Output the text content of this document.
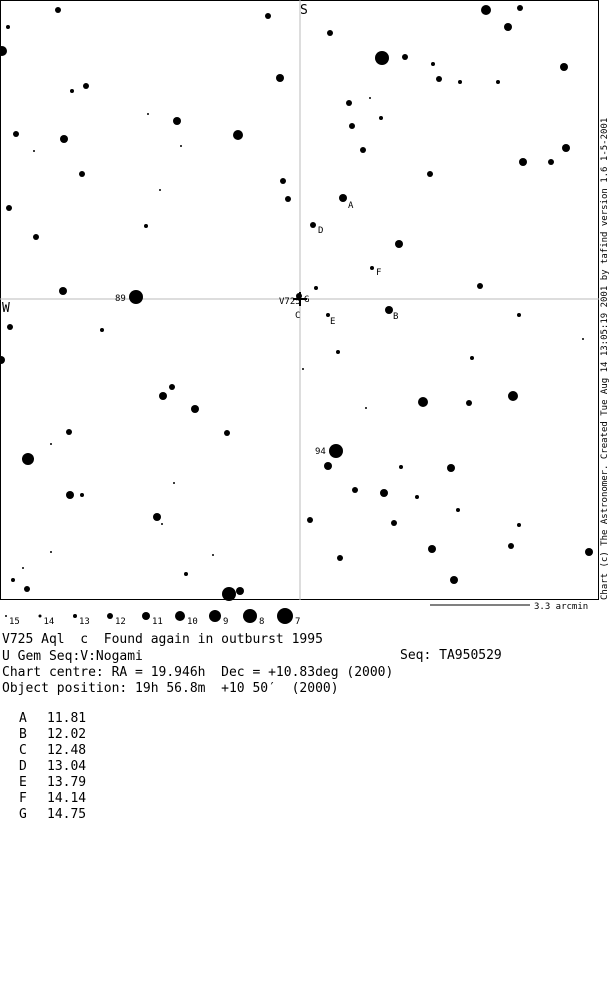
S
W
A
B
C
D
E
F
G
89
94
V725
15	14	13	12	11	10	9	8	7
3.3 arcmin
Chart (c) The Astronomer. Created Tue Aug 14 13:05:19 2001 by tafind version 1.6 1-5-2001
V725 Aql  c  Found again in outburst 1995
U Gem Seq:V:Nogami	Seq: TA950529
Chart centre: RA = 19.946h  Dec = +10.83deg (2000)
Object position: 19h 56.8m  +10 50′  (2000)
A 11.81
B 12.02
C 12.48
D 13.04
E 13.79
F 14.14
G 14.75
